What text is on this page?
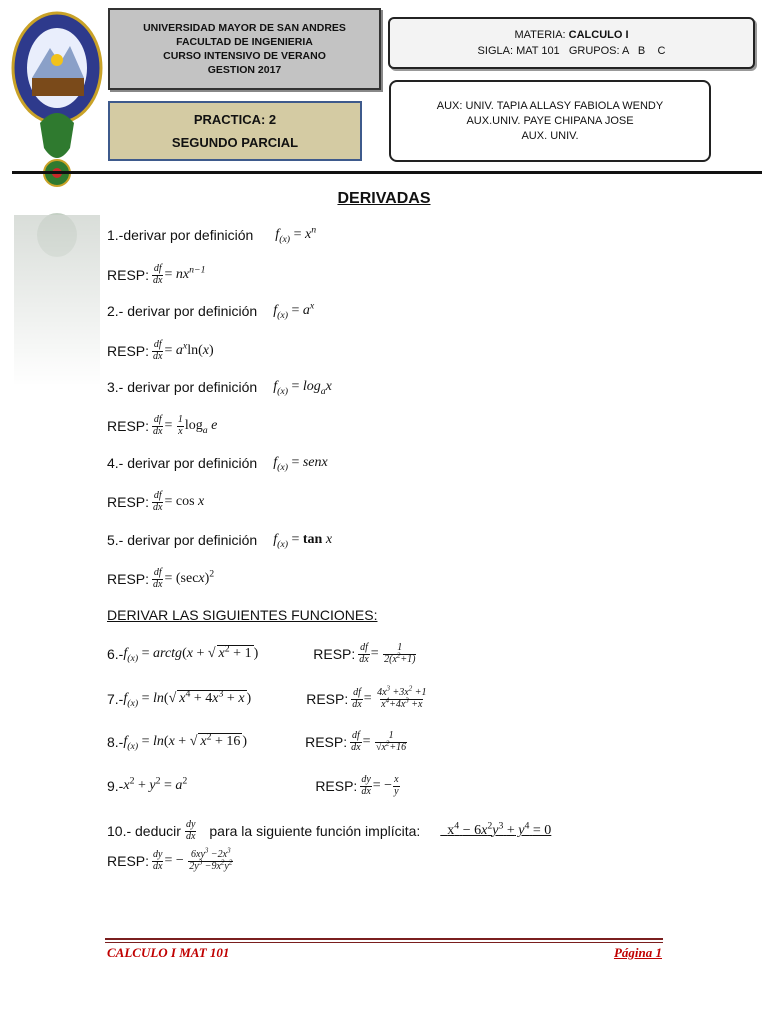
UNIVERSIDAD MAYOR DE SAN ANDRES
FACULTAD DE INGENIERIA
CURSO INTENSIVO DE VERANO
GESTION 2017
PRACTICA: 2
SEGUNDO PARCIAL
MATERIA: CALCULO I
SIGLA: MAT 101   GRUPOS: A   B    C
AUX: UNIV. TAPIA ALLASY FABIOLA WENDY
AUX.UNIV. PAYE CHIPANA JOSE
AUX. UNIV.
DERIVADAS
1.-derivar por definición $f_{(x)} = x^n$
RESP: $\frac{df}{dx} = nx^{n-1}$
2.- derivar por definición $f_{(x)} = a^x$
RESP: $\frac{df}{dx} = a^x\ln(x)$
3.- derivar por definición $f_{(x)} = \log_ax$
RESP: $\frac{df}{dx} = \frac{1}{x} \log_a e$
4.- derivar por definición $f_{(x)}$ = senx
RESP: $\frac{df}{dx} = \cos x$
5.- derivar por definición $f_{(x)} = \tan x$
RESP: $\frac{df}{dx} = (\sec x)^2$
DERIVAR LAS SIGUIENTES FUNCIONES:
6.- $f_{(x)}$ = arctg(x + √ $x^2 + 1$ )	RESP: $\frac{df}{dx} = \frac{1}{2(x^2+1)}$
7.- $f_{(x)} = \ln(√$ $x^4 + 4x^3 + x$ )	RESP: $\frac{df}{dx} = \frac{4x^3 +3x^2 +1}{x^4+4x^3 +x}$
8.- $f_{(x)} = \ln(x$ + √ $x^2 + 16$ )	RESP: $\frac{df}{dx} = \frac{1}{√x^2+16}$
9.- $x^2 + y^2 = a^2$	RESP: $\frac{dy}{dx}$ = − $\frac{x}{y}$
10.- deducir $\frac{dy}{dx}$ para la siguiente función implícita:	$x^4 - 6x^2y^3 + y^4 = 0$
RESP: $\frac{dy}{dx}$ = − $\frac{6xy^3 -2x^3}{2y^3 -9x^2y^2}$
CALCULO I MAT 101	Página 1
